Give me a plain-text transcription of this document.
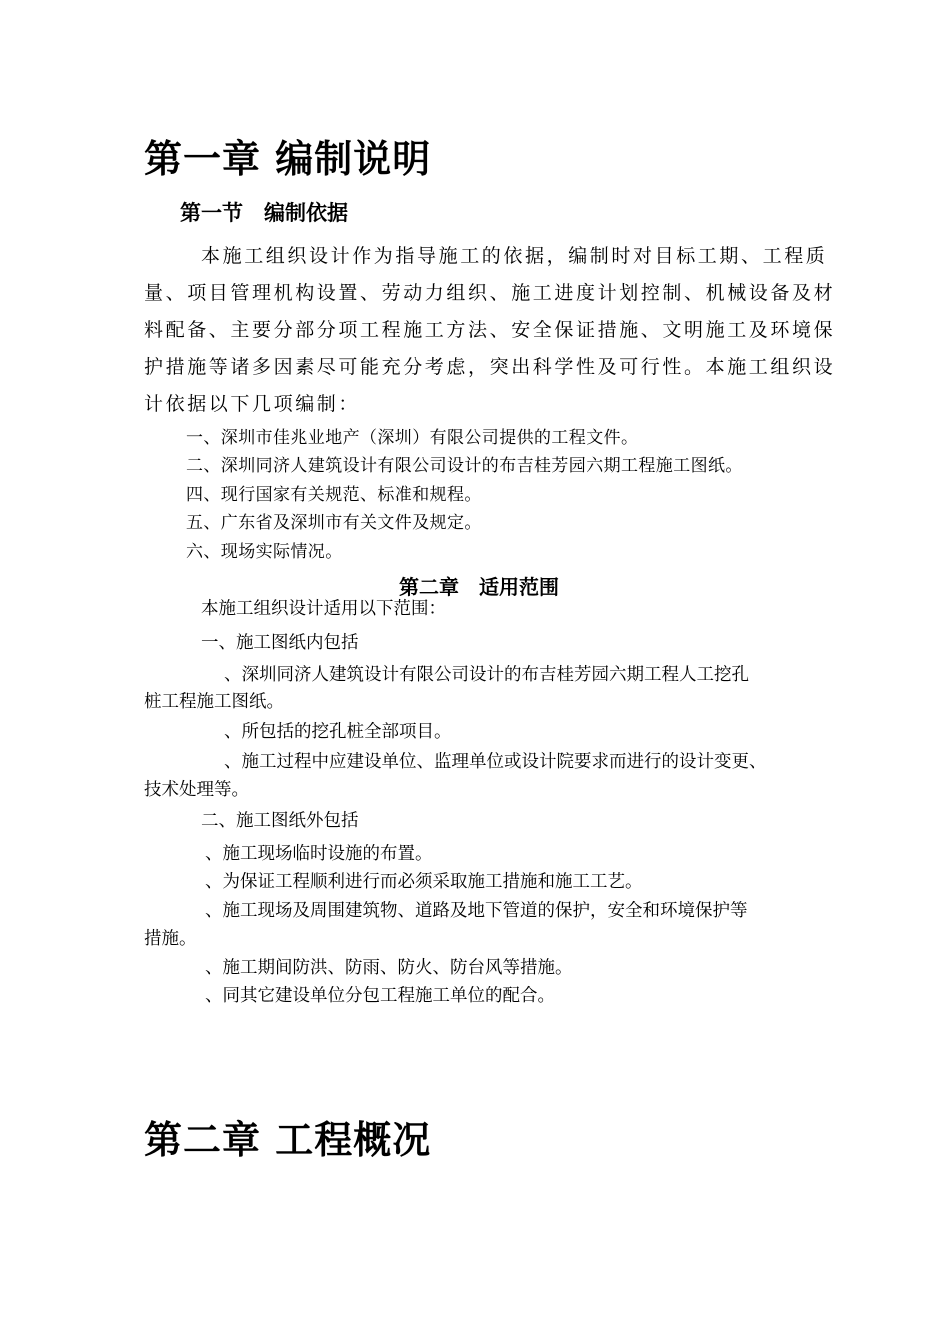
第一章 编制说明
第一节　编制依据
本施工组织设计作为指导施工的依据，编制时对目标工期、工程质
量、项目管理机构设置、劳动力组织、施工进度计划控制、机械设备及材
料配备、主要分部分项工程施工方法、安全保证措施、文明施工及环境保
护措施等诸多因素尽可能充分考虑，突出科学性及可行性。本施工组织设
计依据以下几项编制：
一、深圳市佳兆业地产（深圳）有限公司提供的工程文件。
二、深圳同济人建筑设计有限公司设计的布吉桂芳园六期工程施工图纸。
四、现行国家有关规范、标准和规程。
五、广东省及深圳市有关文件及规定。
六、现场实际情况。
第二章　适用范围
本施工组织设计适用以下范围：
一、施工图纸内包括
、深圳同济人建筑设计有限公司设计的布吉桂芳园六期工程人工挖孔
桩工程施工图纸。
、所包括的挖孔桩全部项目。
、施工过程中应建设单位、监理单位或设计院要求而进行的设计变更、
技术处理等。
二、施工图纸外包括
、施工现场临时设施的布置。
、为保证工程顺利进行而必须采取施工措施和施工工艺。
、施工现场及周围建筑物、道路及地下管道的保护，安全和环境保护等
措施。
、施工期间防洪、防雨、防火、防台风等措施。
、同其它建设单位分包工程施工单位的配合。
第二章 工程概况
